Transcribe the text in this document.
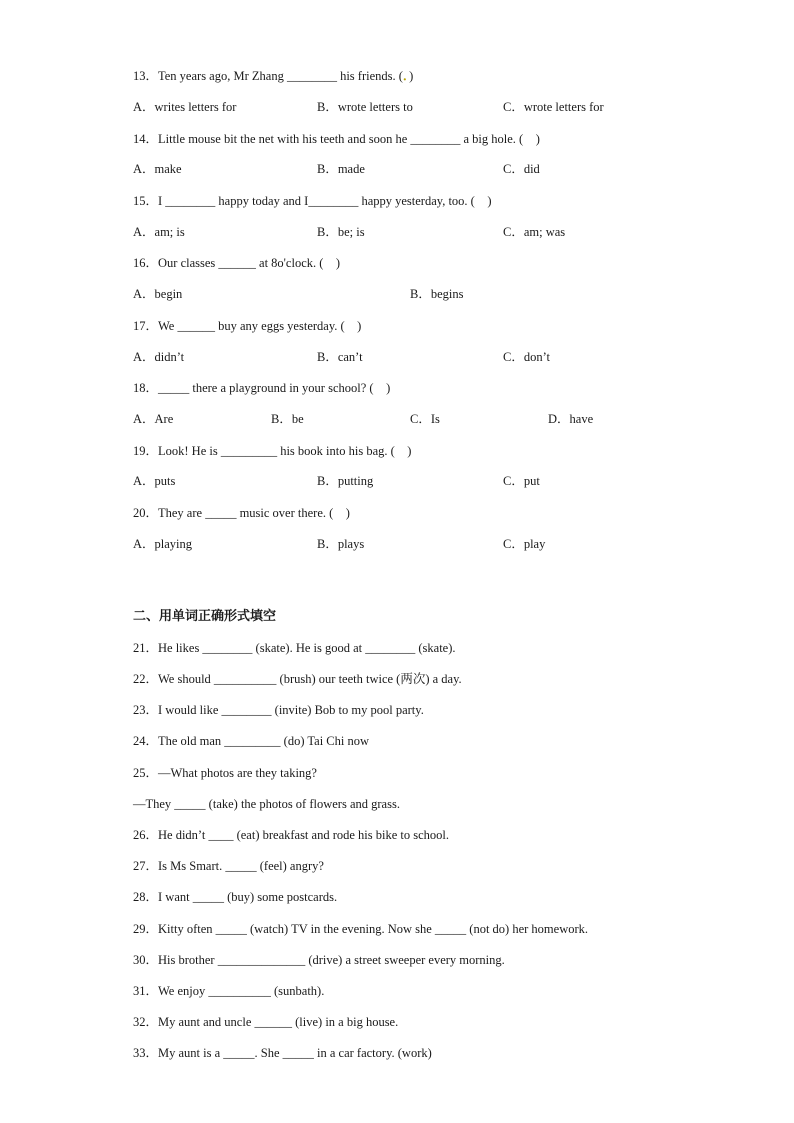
13．Ten years ago, Mr Zhang ________ his friends. (．)
A．writes letters for	B．wrote letters to	C．wrote letters for
14．Little mouse bit the net with his teeth and soon he ________ a big hole. (　)
A．make	B．made	C．did
15．I ________ happy today and I________ happy yesterday, too. (　)
A．am; is	B．be; is	C．am; was
16．Our classes ______ at 8o'clock. (　)
A．begin	B．begins
17．We ______ buy any eggs yesterday. (　)
A．didn’t	B．can’t	C．don’t
18．_____ there a playground in your school? (　)
A．Are	B．be	C．Is	D．have
19．Look! He is _________ his book into his bag. (　)
A．puts	B．putting	C．put
20．They are _____ music over there. (　)
A．playing	B．plays	C．play
二、用单词正确形式填空
21．He likes ________ (skate). He is good at ________ (skate).
22．We should __________ (brush) our teeth twice (两次) a day.
23．I would like ________ (invite) Bob to my pool party.
24．The old man _________ (do) Tai Chi now
25．—What photos are they taking?
—They _____ (take) the photos of flowers and grass.
26．He didn’t ____ (eat) breakfast and rode his bike to school.
27．Is Ms Smart. _____ (feel) angry?
28．I want _____ (buy) some postcards.
29．Kitty often _____ (watch) TV in the evening. Now she _____ (not do) her homework.
30．His brother ______________ (drive) a street sweeper every morning.
31．We enjoy __________ (sunbath).
32．My aunt and uncle ______ (live) in a big house.
33．My aunt is a _____. She _____ in a car factory. (work)
